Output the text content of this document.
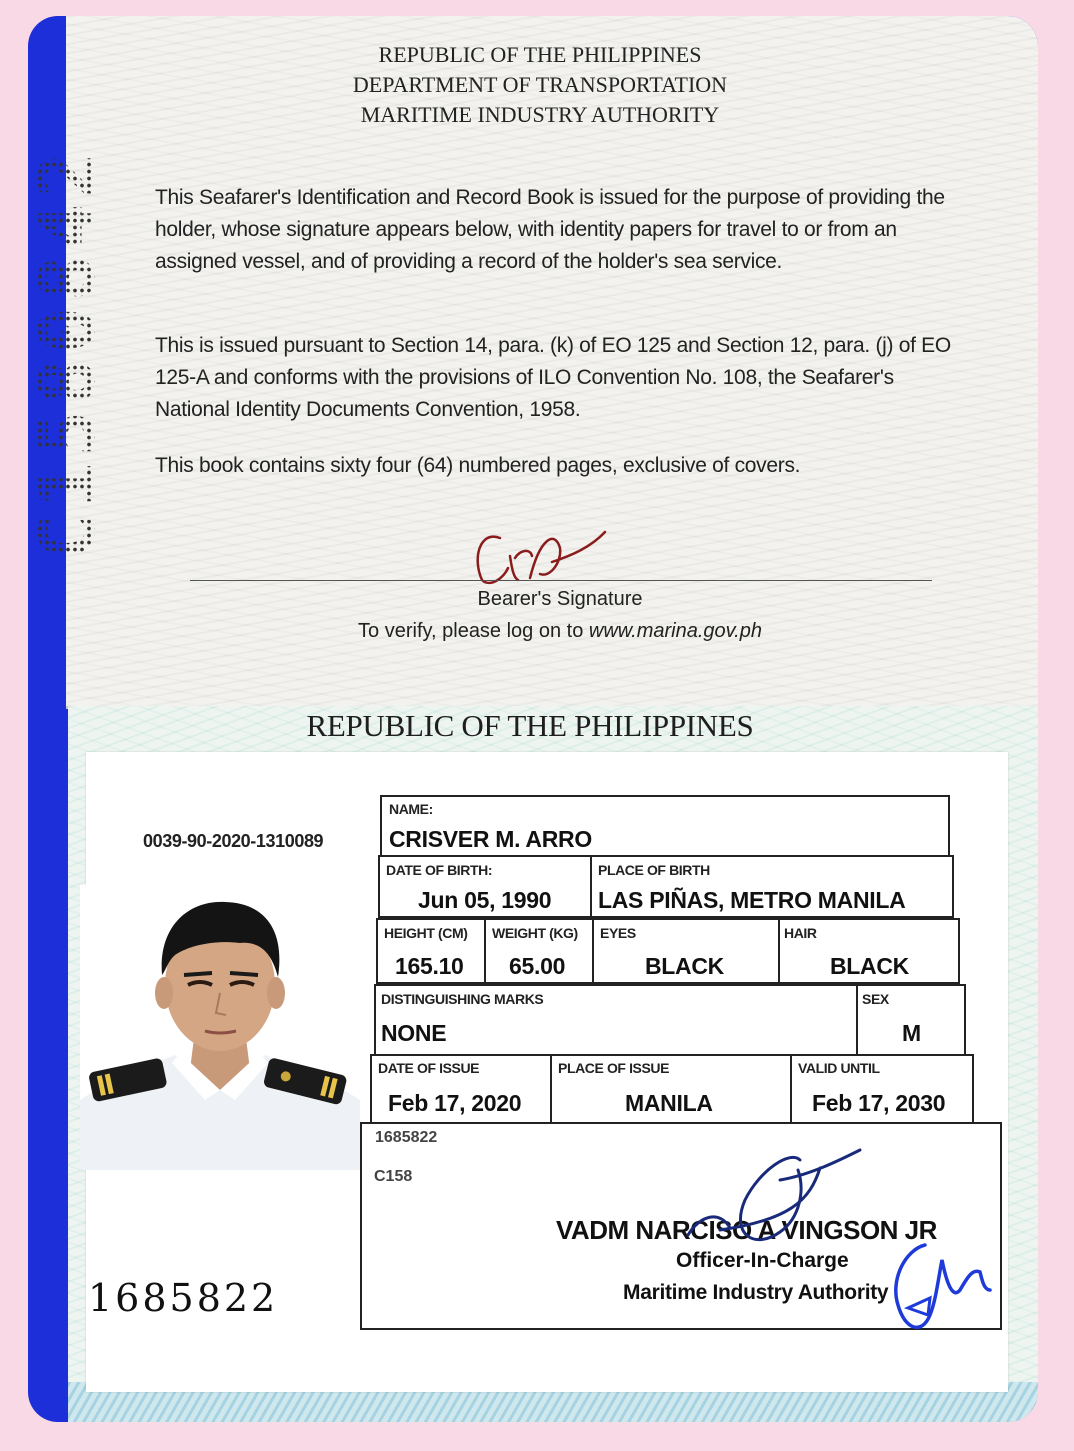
REPUBLIC OF THE PHILIPPINES
DEPARTMENT OF TRANSPORTATION
MARITIME INDUSTRY AUTHORITY
C1580842 This Seafarer's Identification and Record Book is issued for the purpose of providing the holder, whose signature appears below, with identity papers for travel to or from an assigned vessel, and of providing a record of the holder's sea service.
This is issued pursuant to Section 14, para. (k) of EO 125 and Section 12, para. (j) of EO 125-A and conforms with the provisions of ILO Convention No. 108, the Seafarer's National Identity Documents Convention, 1958.
This book contains sixty four (64) numbered pages, exclusive of covers.
Bearer's Signature
To verify, please log on to www.marina.gov.ph
REPUBLIC OF THE PHILIPPINES
0039-90-2020-1310089
1685822
NAME:
CRISVER M. ARRO
DATE OF BIRTH:
Jun 05, 1990
PLACE OF BIRTH
LAS PIÑAS, METRO MANILA
HEIGHT (CM)
165.10
WEIGHT (KG)
65.00
EYES
BLACK
HAIR
BLACK
DISTINGUISHING MARKS
NONE
SEX
M
DATE OF ISSUE
Feb 17, 2020
PLACE OF ISSUE
MANILA
VALID UNTIL
Feb 17, 2030
1685822
C158
VADM NARCISO A VINGSON JR
Officer-In-Charge
Maritime Industry Authority
